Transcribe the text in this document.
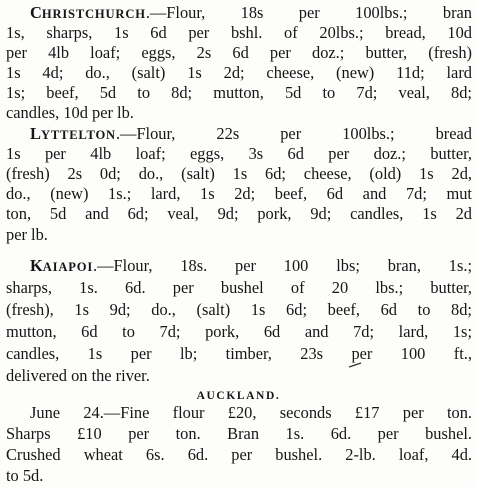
CHRISTCHURCH.—Flour, 18s per 100lbs.; bran
1s, sharps, 1s 6d per bshl. of 20lbs.; bread, 10d
per 4lb loaf; eggs, 2s 6d per doz.; butter, (fresh)
1s 4d; do., (salt) 1s 2d; cheese, (new) 11d; lard
1s; beef, 5d to 8d; mutton, 5d to 7d; veal, 8d;
candles, 10d per lb.
LYTTELTON.—Flour, 22s per 100lbs.; bread
1s per 4lb loaf; eggs, 3s 6d per doz.; butter,
(fresh) 2s 0d; do., (salt) 1s 6d; cheese, (old) 1s 2d,
do., (new) 1s.; lard, 1s 2d; beef, 6d and 7d; mut
ton, 5d and 6d; veal, 9d; pork, 9d; candles, 1s 2d
per lb.
KAIAPOI.—Flour, 18s. per 100 lbs; bran, 1s.;
sharps, 1s. 6d. per bushel of 20 lbs.; butter,
(fresh), 1s 9d; do., (salt) 1s 6d; beef, 6d to 8d;
mutton, 6d to 7d; pork, 6d and 7d; lard, 1s;
candles, 1s per lb; timber, 23s per 100 ft.,
delivered on the river.
AUCKLAND.
June 24.—Fine flour £20, seconds £17 per ton.
Sharps £10 per ton. Bran 1s. 6d. per bushel.
Crushed wheat 6s. 6d. per bushel. 2-lb. loaf, 4d.
to 5d.
